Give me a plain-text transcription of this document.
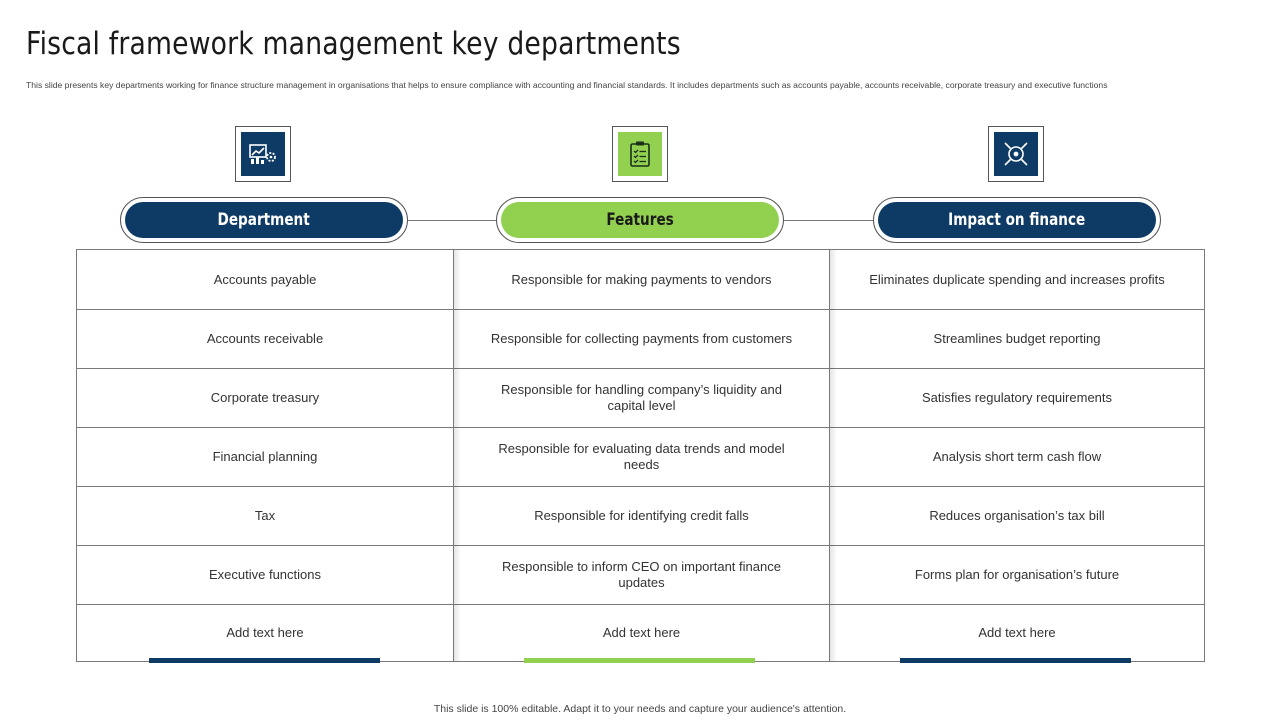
Fiscal framework management key departments
This slide presents key departments working for finance structure management in organisations that helps to ensure compliance with accounting and financial standards. It includes departments such as accounts payable, accounts receivable, corporate treasury and executive functions
Department	Features	Impact on finance
Accounts payable
Accounts receivable
Corporate treasury
Financial planning
Tax
Executive functions
Add text here
Responsible for making payments to vendors
Responsible for collecting payments from customers
Responsible for handling company’s liquidity and capital level
Responsible for evaluating data trends and model needs
Responsible for identifying credit falls
Responsible to inform CEO on important finance updates
Add text here
Eliminates duplicate spending and increases profits
Streamlines budget reporting
Satisfies regulatory requirements
Analysis short term cash flow
Reduces organisation’s tax bill
Forms plan for organisation’s future
Add text here
This slide is 100% editable. Adapt it to your needs and capture your audience's attention.
